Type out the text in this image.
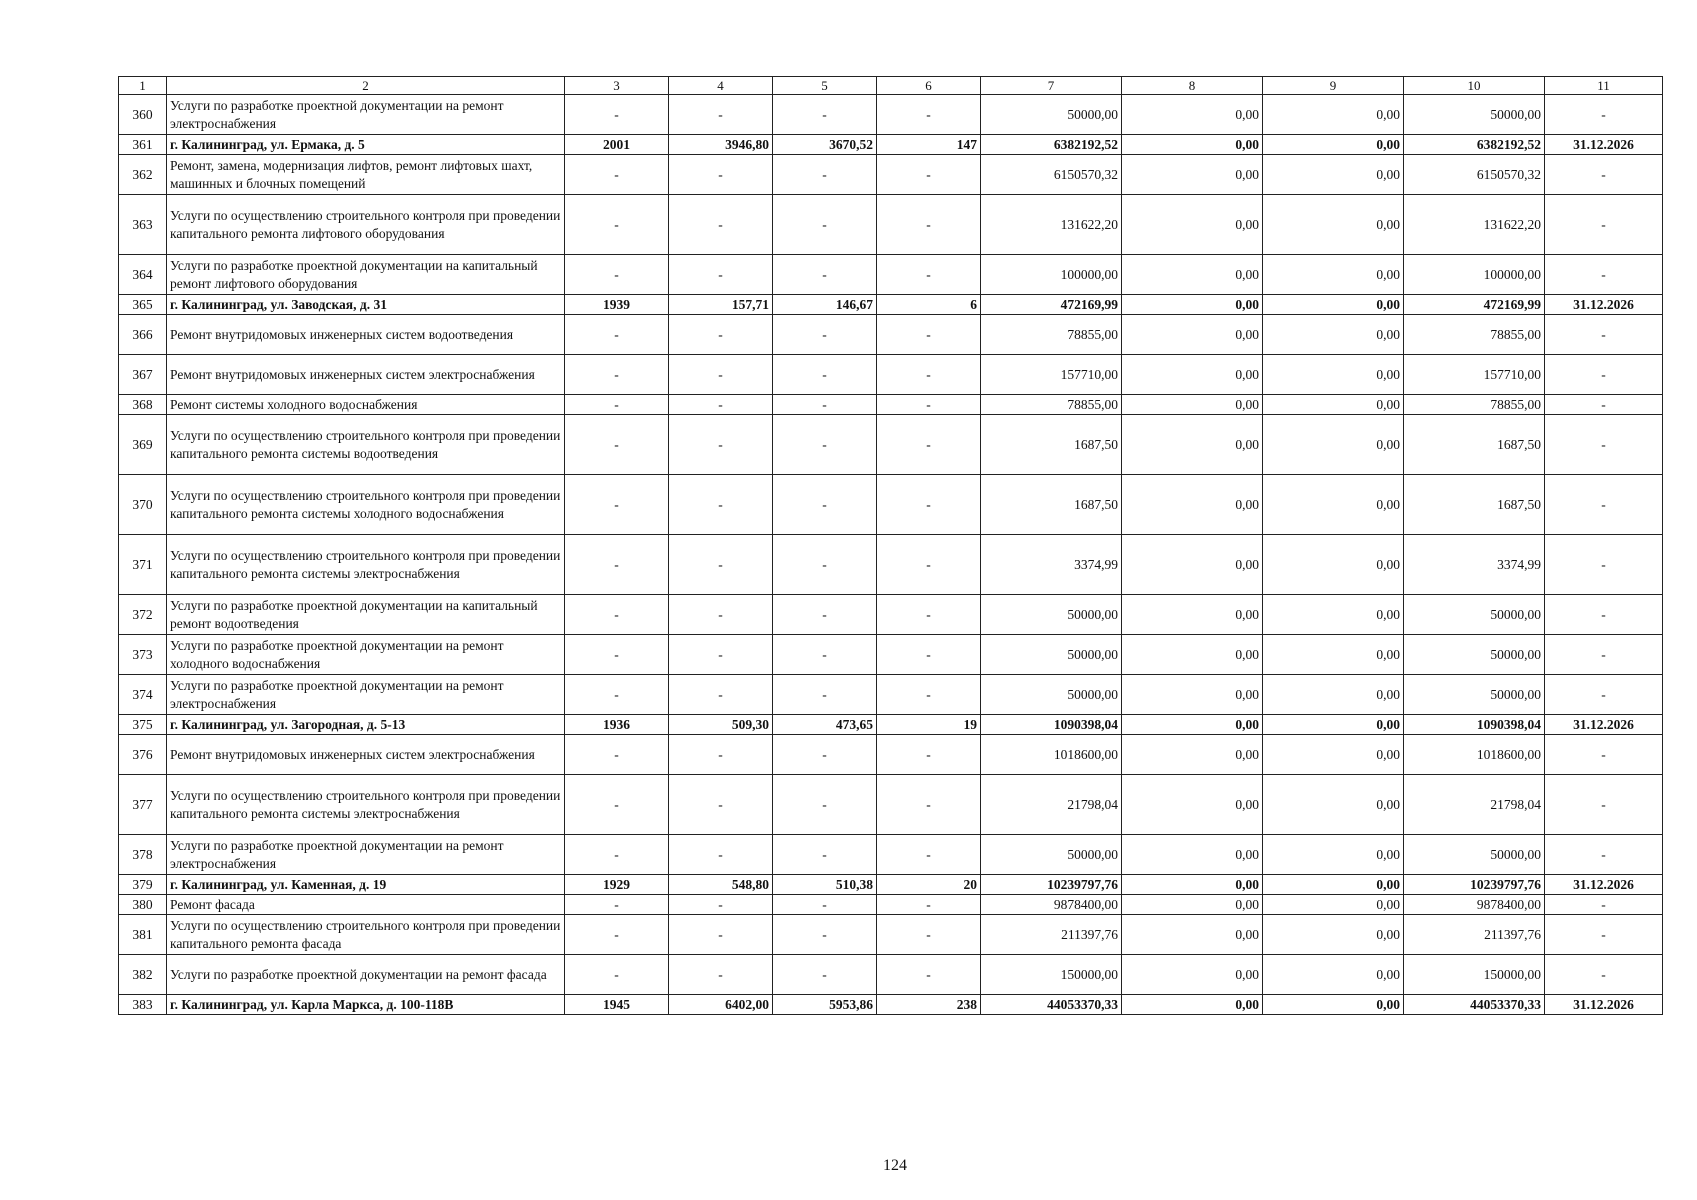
1	2	3	4	5	6	7	8	9	10	11
360	Услуги по разработке проектной документации на ремонт электроснабжения	-	-	-	-	50000,00	0,00	0,00	50000,00	-
361	г. Калининград, ул. Ермака, д. 5	2001	3946,80	3670,52	147	6382192,52	0,00	0,00	6382192,52	31.12.2026
362	Ремонт, замена, модернизация лифтов, ремонт лифтовых шахт, машинных и блочных помещений	-	-	-	-	6150570,32	0,00	0,00	6150570,32	-
363	Услуги по осуществлению строительного контроля при проведении капитального ремонта лифтового оборудования	-	-	-	-	131622,20	0,00	0,00	131622,20	-
364	Услуги по разработке проектной документации на капитальный ремонт лифтового оборудования	-	-	-	-	100000,00	0,00	0,00	100000,00	-
365	г. Калининград, ул. Заводская, д. 31	1939	157,71	146,67	6	472169,99	0,00	0,00	472169,99	31.12.2026
366	Ремонт внутридомовых инженерных систем водоотведения	-	-	-	-	78855,00	0,00	0,00	78855,00	-
367	Ремонт внутридомовых инженерных систем электроснабжения	-	-	-	-	157710,00	0,00	0,00	157710,00	-
368	Ремонт системы холодного водоснабжения	-	-	-	-	78855,00	0,00	0,00	78855,00	-
369	Услуги по осуществлению строительного контроля при проведении капитального ремонта системы водоотведения	-	-	-	-	1687,50	0,00	0,00	1687,50	-
370	Услуги по осуществлению строительного контроля при проведении капитального ремонта системы холодного водоснабжения	-	-	-	-	1687,50	0,00	0,00	1687,50	-
371	Услуги по осуществлению строительного контроля при проведении капитального ремонта системы электроснабжения	-	-	-	-	3374,99	0,00	0,00	3374,99	-
372	Услуги по разработке проектной документации на капитальный ремонт водоотведения	-	-	-	-	50000,00	0,00	0,00	50000,00	-
373	Услуги по разработке проектной документации на ремонт холодного водоснабжения	-	-	-	-	50000,00	0,00	0,00	50000,00	-
374	Услуги по разработке проектной документации на ремонт электроснабжения	-	-	-	-	50000,00	0,00	0,00	50000,00	-
375	г. Калининград, ул. Загородная, д. 5-13	1936	509,30	473,65	19	1090398,04	0,00	0,00	1090398,04	31.12.2026
376	Ремонт внутридомовых инженерных систем электроснабжения	-	-	-	-	1018600,00	0,00	0,00	1018600,00	-
377	Услуги по осуществлению строительного контроля при проведении капитального ремонта системы электроснабжения	-	-	-	-	21798,04	0,00	0,00	21798,04	-
378	Услуги по разработке проектной документации на ремонт электроснабжения	-	-	-	-	50000,00	0,00	0,00	50000,00	-
379	г. Калининград, ул. Каменная, д. 19	1929	548,80	510,38	20	10239797,76	0,00	0,00	10239797,76	31.12.2026
380	Ремонт фасада	-	-	-	-	9878400,00	0,00	0,00	9878400,00	-
381	Услуги по осуществлению строительного контроля при проведении капитального ремонта фасада	-	-	-	-	211397,76	0,00	0,00	211397,76	-
382	Услуги по разработке проектной документации на ремонт фасада	-	-	-	-	150000,00	0,00	0,00	150000,00	-
383	г. Калининград, ул. Карла Маркса, д. 100-118В	1945	6402,00	5953,86	238	44053370,33	0,00	0,00	44053370,33	31.12.2026
124
